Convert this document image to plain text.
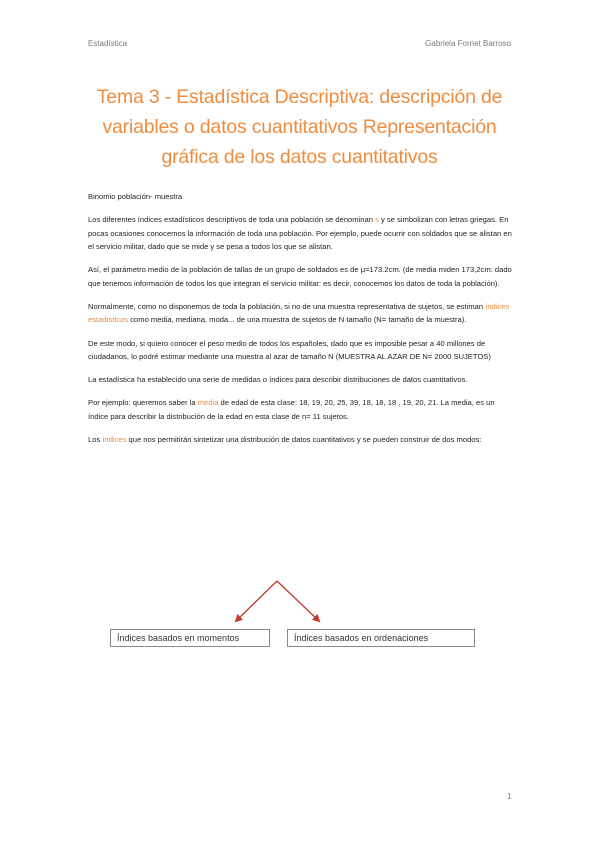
Estadística	Gabriela Fornet Barroso
Tema 3 - Estadística Descriptiva: descripción de
variables o datos cuantitativos Representación
gráfica de los datos cuantitativos

Binomio población- muestra

Los diferentes índices estadísticos descriptivos de toda una población se denominan s y se simbolizan con letras griegas. En pocas ocasiones conocemos la información de toda una población. Por ejemplo, puede ocurrir con soldados que se alistan en el servicio militar, dado que se mide y se pesa a todos los que se alistan.

Así, el parámetro medio de la población de tallas de un grupo de soldados es de μ=173.2cm. (de media miden 173,2cm: dado que tenemos información de todos los que integran el servicio militar: es decir, conocemos los datos de toda la población).

Normalmente, como no disponemos de toda la población, si no de una muestra representativa de sujetos, se estiman índices estadísticos como media, mediana, moda... de una muestra de sujetos de N tamaño (N= tamaño de la muestra).

De este modo, si quiero conocer el peso medio de todos los españoles, dado que es imposible pesar a 40 millones de ciudadanos, lo podré estimar mediante una muestra al azar de tamaño N (MUESTRA AL AZAR DE N= 2000 SUJETOS)

La estadística ha establecido una serie de medidas o índices para describir distribuciones de datos cuantitativos.

Por ejemplo: queremos saber la media de edad de esta clase: 18, 19, 20, 25, 39, 18, 18, 18 , 19, 20, 21. La media, es un índice para describir la distribución de la edad en esta clase de n= 11 sujetos.

Los índices que nos permitirán sintetizar una distribución de datos cuantitativos y se pueden construir de dos modos:

Índices basados en momentos	Índices basados en ordenaciones
1
